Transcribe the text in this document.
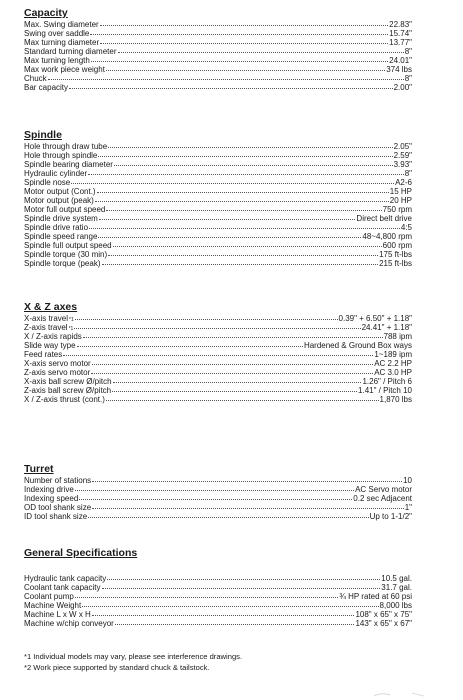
Capacity
Max. Swing diameter	22.83"
Swing over saddle	15.74"
Max turning diameter	13.77"
Standard turning diameter	8"
Max turning length	24.01"
Max work piece weight	374 lbs
Chuck	8"
Bar capacity	2.00"
Spindle
Hole through draw tube	2.05"
Hole through spindle	2.59"
Spindle bearing diameter	3.93"
Hydraulic cylinder	8"
Spindle nose	A2-6
Motor output (Cont.)	15 HP
Motor output (peak)	20 HP
Motor full output speed	750 rpm
Spindle drive system	Direct belt drive
Spindle drive ratio	4:5
Spindle speed range	48~4,800 rpm
Spindle full output speed	600 rpm
Spindle torque (30 min)	175 ft-lbs
Spindle torque (peak)	215 ft-lbs
X & Z axes
X-axis travel *1	0.39" + 6.50" + 1.18"
Z-axis travel *1	24.41" + 1.18"
X / Z-axis rapids	788 ipm
Slide way type	Hardened & Ground Box ways
Feed rates	1~189 ipm
X-axis servo motor	AC 2.2 HP
Z-axis servo motor	AC 3.0 HP
X-axis ball screw Ø/pitch	1.26" / Pitch 6
Z-axis ball screw Ø/pitch	1.41" / Pitch 10
X / Z-axis thrust (cont.)	1,870 lbs
Turret
Number of stations	10
Indexing drive	AC Servo motor
Indexing speed	0.2 sec Adjacent
OD tool shank size	1"
ID tool shank size	Up to 1-1/2"
General Specifications
Hydraulic tank capacity	10.5 gal.
Coolant tank capacity	31.7 gal.
Coolant pump	¾ HP rated at 60 psi
Machine Weight	8,000 lbs
Machine L x W x H	108" x 65" x 75"
Machine w/chip conveyor	143" x 65" x 67"
*1 Individual models may vary, please see interference drawings.
*2 Work piece supported by standard chuck & tailstock.
